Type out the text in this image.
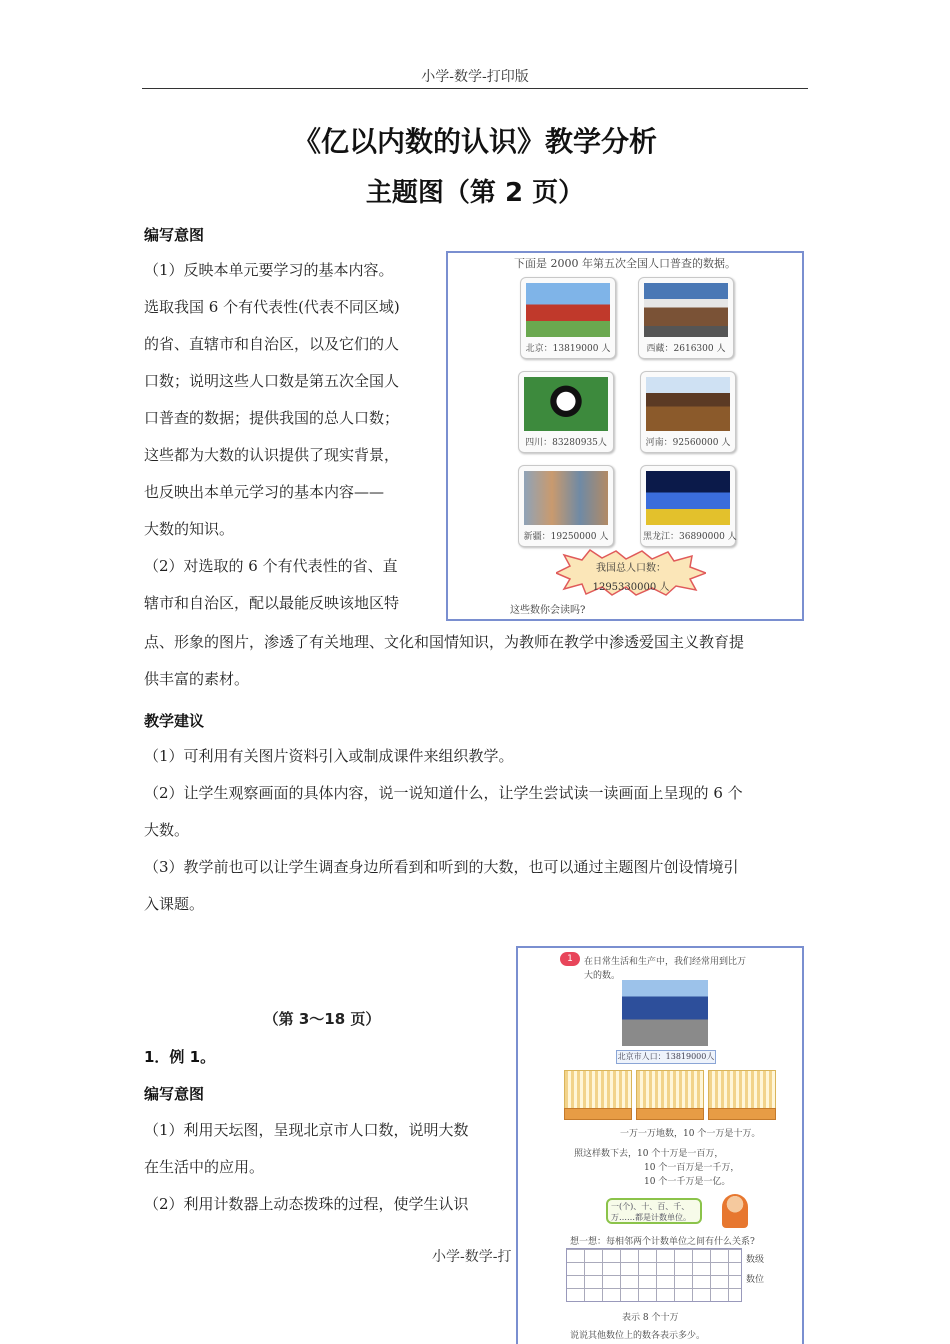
小学-数学-打印版
《亿以内数的认识》教学分析
主题图（第 2 页）
编写意图
（1）反映本单元要学习的基本内容。
选取我国 6 个有代表性(代表不同区域)
的省、直辖市和自治区，以及它们的人
口数；说明这些人口数是第五次全国人
口普查的数据；提供我国的总人口数；
这些都为大数的认识提供了现实背景，
也反映出本单元学习的基本内容——
大数的知识。
（2）对选取的 6 个有代表性的省、直
辖市和自治区，配以最能反映该地区特
点、形象的图片，渗透了有关地理、文化和国情知识，为教师在教学中渗透爱国主义教育提
供丰富的素材。
下面是 2000 年第五次全国人口普查的数据。
北京：13819000 人	西藏：2616300 人
四川：83280935人	河南：92560000 人
新疆：19250000 人	黑龙江：36890000 人
我国总人口数：
1295330000 人
这些数你会读吗?
教学建议
（1）可利用有关图片资料引入或制成课件来组织教学。
（2）让学生观察画面的具体内容，说一说知道什么，让学生尝试读一读画面上呈现的 6 个
大数。
（3）教学前也可以让学生调查身边所看到和听到的大数，也可以通过主题图片创设情境引
入课题。
（第 3～18 页）
1．例 1。
编写意图
（1）利用天坛图，呈现北京市人口数，说明大数
在生活中的应用。
（2）利用计数器上动态拨珠的过程，使学生认识
1	在日常生活和生产中，我们经常用到比万
大的数。
北京市人口：13819000人
一万一万地数，10 个一万是十万。
照这样数下去，10 个十万是一百万，
10 个一百万是一千万，
10 个一千万是一亿。
一(个)、十、百、千、万……都是计数单位。
想一想：每相邻两个计数单位之间有什么关系?
数级
数位
表示 8 个十万
说说其他数位上的数各表示多少。
小学-数学-打
